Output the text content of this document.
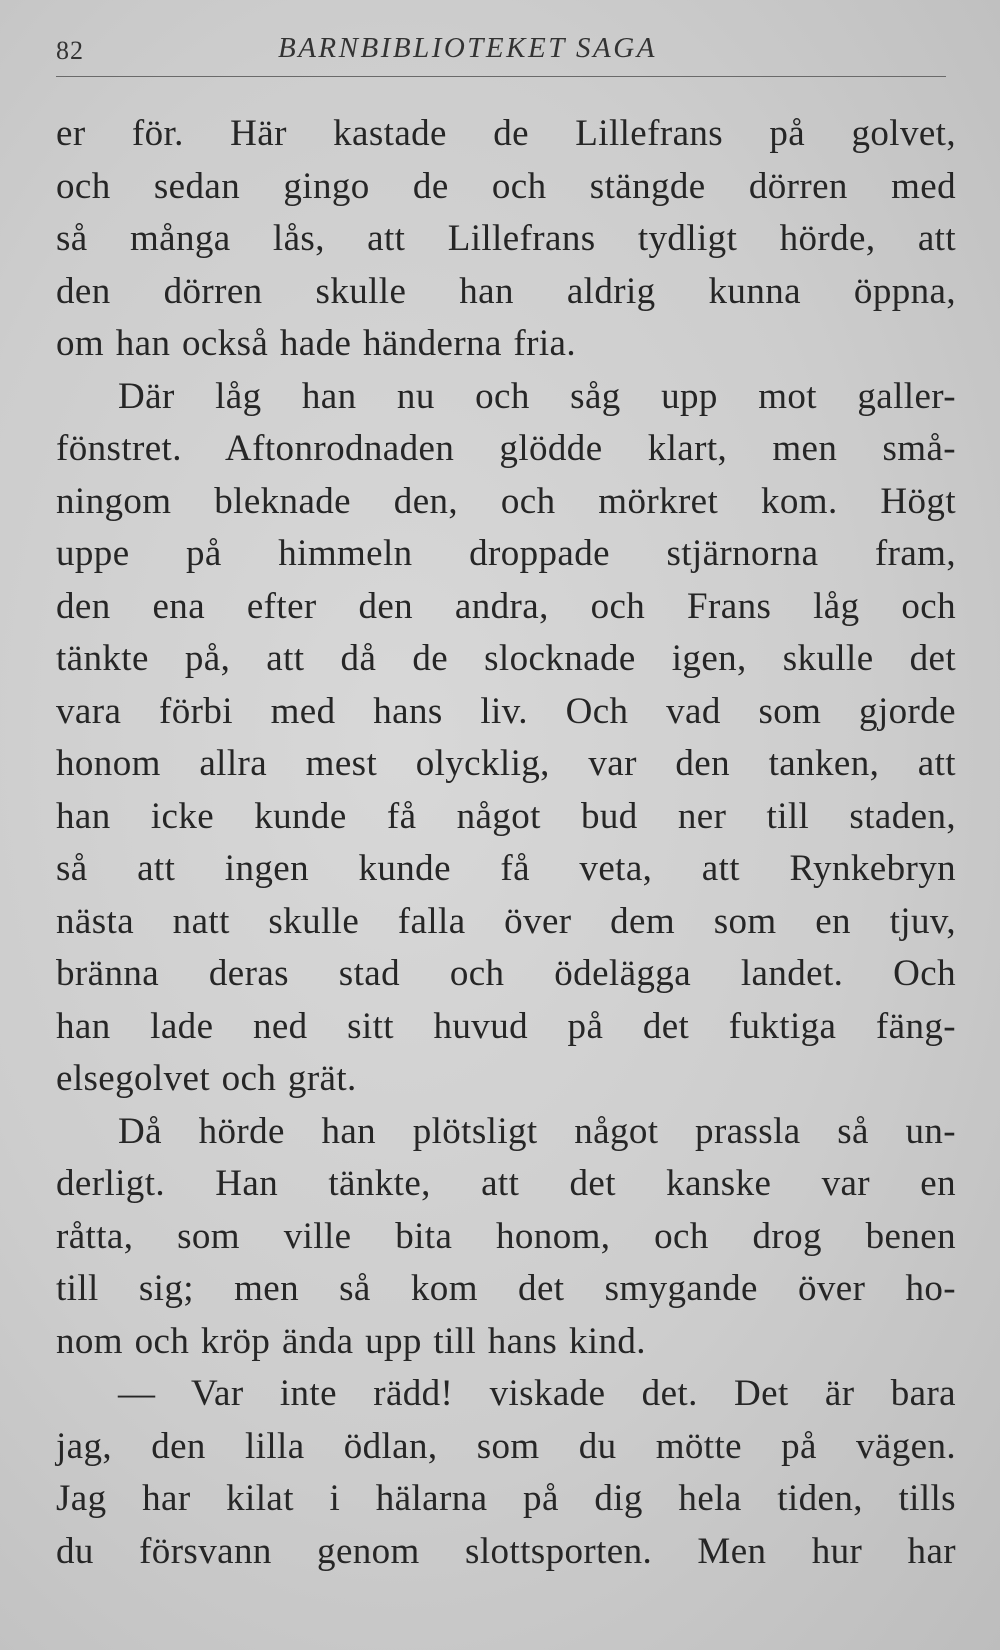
82	BARNBIBLIOTEKET SAGA
er för. Här kastade de Lillefrans på golvet,
och sedan gingo de och stängde dörren med
så många lås, att Lillefrans tydligt hörde, att
den dörren skulle han aldrig kunna öppna,
om han också hade händerna fria.
Där låg han nu och såg upp mot galler-
fönstret. Aftonrodnaden glödde klart, men små-
ningom bleknade den, och mörkret kom. Högt
uppe på himmeln droppade stjärnorna fram,
den ena efter den andra, och Frans låg och
tänkte på, att då de slocknade igen, skulle det
vara förbi med hans liv. Och vad som gjorde
honom allra mest olycklig, var den tanken, att
han icke kunde få något bud ner till staden,
så att ingen kunde få veta, att Rynkebryn
nästa natt skulle falla över dem som en tjuv,
bränna deras stad och ödelägga landet. Och
han lade ned sitt huvud på det fuktiga fäng-
elsegolvet och grät.
Då hörde han plötsligt något prassla så un-
derligt. Han tänkte, att det kanske var en
råtta, som ville bita honom, och drog benen
till sig; men så kom det smygande över ho-
nom och kröp ända upp till hans kind.
— Var inte rädd! viskade det. Det är bara
jag, den lilla ödlan, som du mötte på vägen.
Jag har kilat i hälarna på dig hela tiden, tills
du försvann genom slottsporten. Men hur har
